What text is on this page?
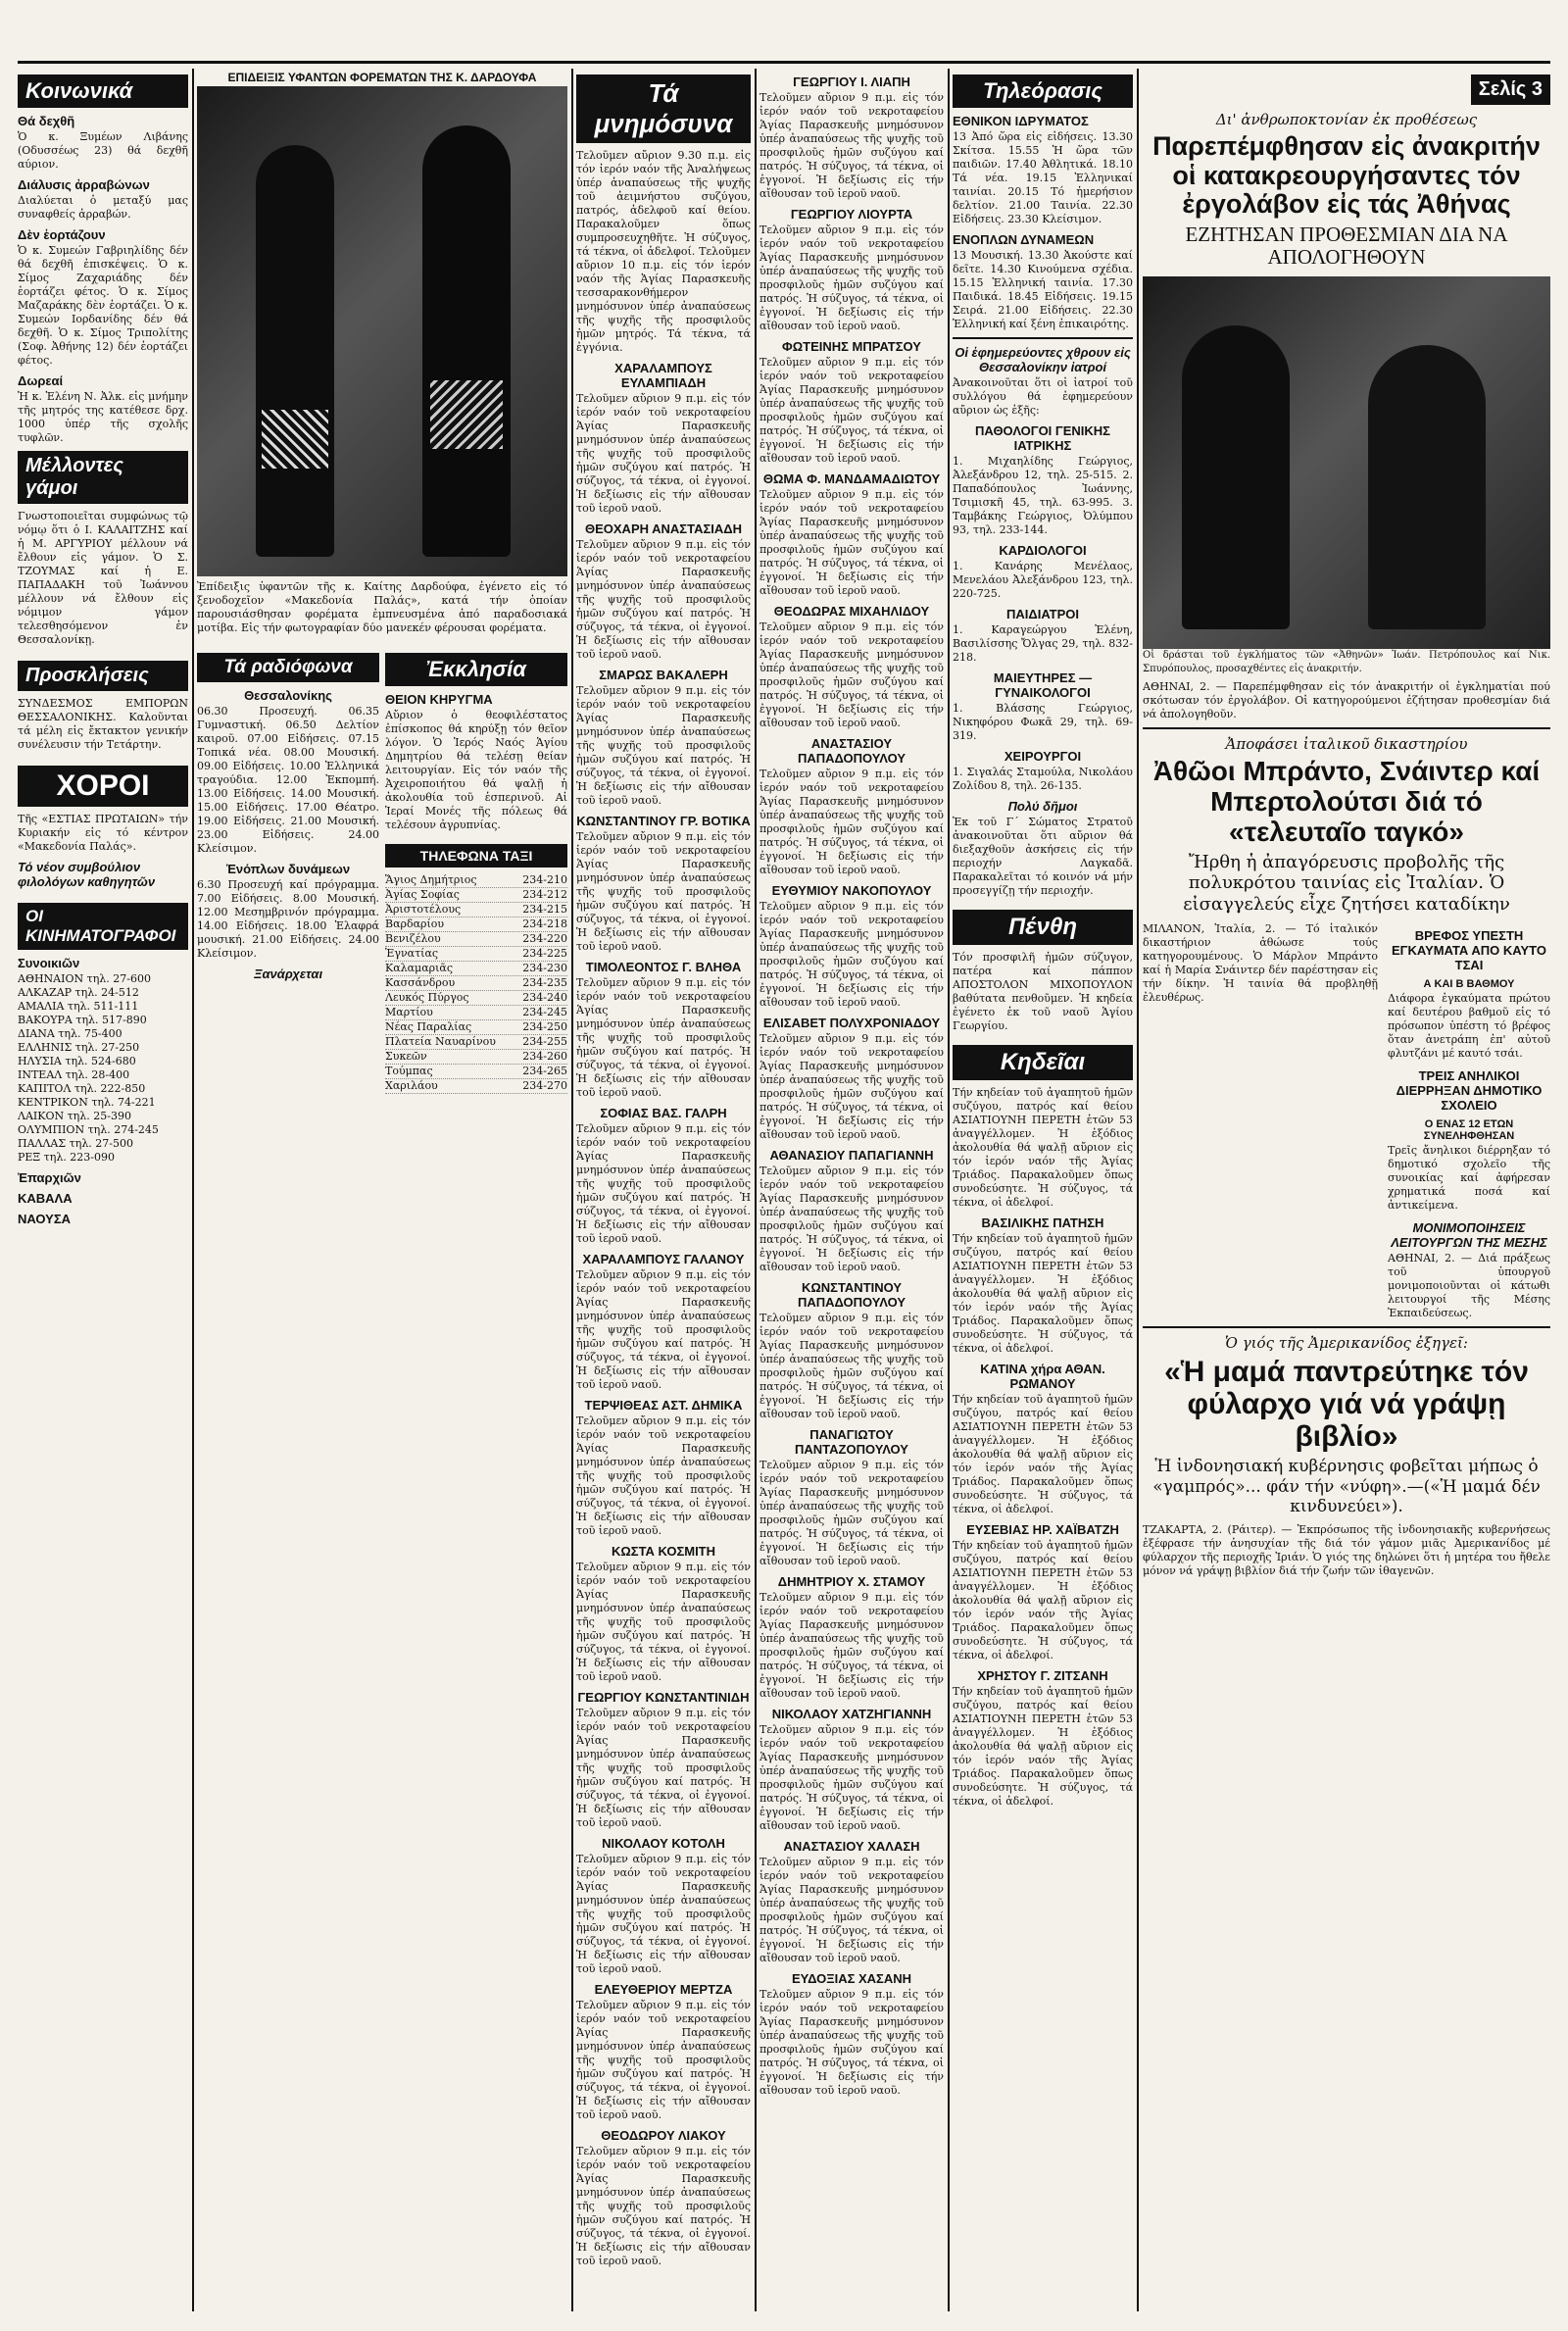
Κοινωνικά
Θά δεχθῆ
Ὁ κ. Ξυμέων Λιβάνης (Οδυσσέως 23) θά δεχθῆ αύριον.
Διάλυσις ἀρραβώνων
Διαλύεται ὁ μεταξύ μας συναφθείς ἀρραβών.
Δὲν ἑορτάζουν
Ὁ κ. Συμεών Γαβριηλίδης δέν θά δεχθῆ ἐπισκέψεις. Ὁ κ. Σίμος Ζαχαριάδης δέν ἑορτάζει φέτος. Ὁ κ. Σίμος Μαζαράκης δὲν ἑορτάζει. Ὁ κ. Συμεών Ιορδανίδης δέν θά δεχθῆ. Ὁ κ. Σίμος Τριπολίτης (Σοφ. Ἀθήνης 12) δέν ἑορτάζει φέτος.
Δωρεαί
Ἡ κ. Ἑλένη Ν. Ἀλκ. εἰς μνήμην τῆς μητρός της κατέθεσε δρχ. 1000 ὑπέρ τῆς σχολῆς τυφλῶν.
Μέλλοντες γάμοι
Γνωστοποιεῖται συμφώνως τῷ νόμῳ ὅτι ὁ Ι. ΚΑΛΑΙΤΖΗΣ καί ἡ Μ. ΑΡΓΥΡΙΟΥ μέλλουν νά ἔλθουν εἰς γάμον. Ὁ Σ. ΤΖΟΥΜΑΣ καί ἡ Ε. ΠΑΠΑΔΑΚΗ τοῦ Ἰωάννου μέλλουν νά ἔλθουν εἰς νόμιμον γάμον τελεσθησόμενον ἐν Θεσσαλονίκῃ.
Προσκλήσεις
ΣΥΝΔΕΣΜΟΣ ΕΜΠΟΡΩΝ ΘΕΣΣΑΛΟΝΙΚΗΣ. Καλοῦνται τά μέλη εἰς ἔκτακτον γενικήν συνέλευσιν τήν Τετάρτην.
ΧΟΡΟΙ
Τῆς «ΕΣΤΙΑΣ ΠΡΩΤΑΙΩΝ» τήν Κυριακήν εἰς τό κέντρον «Μακεδονία Παλάς».
Τό νέον συμβούλιον φιλολόγων καθηγητῶν
ΟΙ ΚΙΝΗΜΑΤΟΓΡΑΦΟΙ
Συνοικιῶν
ΑΘΗΝΑΙΟΝ τηλ. 27-600
ΑΛΚΑΖΑΡ τηλ. 24-512
ΑΜΑΛΙΑ τηλ. 511-111
ΒΑΚΟΥΡΑ τηλ. 517-890
ΔΙΑΝΑ τηλ. 75-400
ΕΛΛΗΝΙΣ τηλ. 27-250
ΗΛΥΣΙΑ τηλ. 524-680
ΙΝΤΕΑΛ τηλ. 28-400
ΚΑΠΙΤΟΛ τηλ. 222-850
ΚΕΝΤΡΙΚΟΝ τηλ. 74-221
ΛΑΙΚΟΝ τηλ. 25-390
ΟΛΥΜΠΙΟΝ τηλ. 274-245
ΠΑΛΛΑΣ τηλ. 27-500
ΡΕΞ τηλ. 223-090
Ἐπαρχιῶν
ΚΑΒΑΛΑ
ΝΑΟΥΣΑ
ΕΠΙΔΕΙΞΙΣ ΥΦΑΝΤΩΝ ΦΟΡΕΜΑΤΩΝ ΤΗΣ Κ. ΔΑΡΔΟΥΦΑ
Ἐπίδειξις ὑφαντῶν τῆς κ. Καίτης Δαρδούφα, ἐγένετο εἰς τό ξενοδοχεῖον «Μακεδονία Παλάς», κατά τήν ὁποίαν παρουσιάσθησαν φορέματα ἐμπνευσμένα ἀπό παραδοσιακά μοτίβα. Εἰς τήν φωτογραφίαν δύο μανεκέν φέρουσαι φορέματα.
Τά ραδιόφωνα
Θεσσαλονίκης
06.30 Προσευχή. 06.35 Γυμναστική. 06.50 Δελτίον καιροῦ. 07.00 Εἰδήσεις. 07.15 Τοπικά νέα. 08.00 Μουσική. 09.00 Εἰδήσεις. 10.00 Ἑλληνικά τραγούδια. 12.00 Ἐκπομπή. 13.00 Εἰδήσεις. 14.00 Μουσική. 15.00 Εἰδήσεις. 17.00 Θέατρο. 19.00 Εἰδήσεις. 21.00 Μουσική. 23.00 Εἰδήσεις. 24.00 Κλείσιμον.
Ἐνόπλων δυνάμεων
6.30 Προσευχή καί πρόγραμμα. 7.00 Εἰδήσεις. 8.00 Μουσική. 12.00 Μεσημβρινόν πρόγραμμα. 14.00 Εἰδήσεις. 18.00 Ἑλαφρά μουσική. 21.00 Εἰδήσεις. 24.00 Κλείσιμον.
Ξανάρχεται
Ἐκκλησία
ΘΕΙΟΝ ΚΗΡΥΓΜΑ
Αὔριον ὁ θεοφιλέστατος ἐπίσκοπος θά κηρύξῃ τόν θεῖον λόγον. Ὁ Ἱερός Ναός Ἁγίου Δημητρίου θά τελέσῃ θείαν λειτουργίαν. Εἰς τόν ναόν τῆς Ἀχειροποιήτου θά ψαλῇ ἡ ἀκολουθία τοῦ ἑσπερινοῦ. Αἱ Ἱεραί Μονές τῆς πόλεως θά τελέσουν ἀγρυπνίας.
ΤΗΛΕΦΩΝΑ ΤΑΞΙ
Ἅγιος Δημήτριος	234-210
Ἀγίας Σοφίας	234-212
Ἀριστοτέλους	234-215
Βαρδαρίου	234-218
Βενιζέλου	234-220
Ἐγνατίας	234-225
Καλαμαριᾶς	234-230
Κασσάνδρου	234-235
Λευκός Πύργος	234-240
Μαρτίου	234-245
Νέας Παραλίας	234-250
Πλατεία Ναυαρίνου 234-255
Συκεῶν	234-260
Τούμπας	234-265
Χαριλάου	234-270
Τά μνημόσυνα
Τελοῦμεν αὔριον 9.30 π.μ. εἰς τόν ἱερόν ναόν τῆς Ἀναλήψεως ὑπέρ ἀναπαύσεως τῆς ψυχῆς τοῦ ἀειμνήστου συζύγου, πατρός, ἀδελφοῦ καί θείου. Παρακαλοῦμεν ὅπως συμπροσευχηθῆτε. Ἡ σύζυγος, τά τέκνα, οἱ ἀδελφοί. Τελοῦμεν αὔριον 10 π.μ. εἰς τόν ἱερόν ναόν τῆς Ἁγίας Παρασκευῆς τεσσαρακονθήμερον μνημόσυνον ὑπέρ ἀναπαύσεως τῆς ψυχῆς τῆς προσφιλοῦς ἡμῶν μητρός. Τά τέκνα, τά ἐγγόνια.
ΧΑΡΑΛΑΜΠΟΥΣ ΕΥΛΑΜΠΙΑΔΗ
Τελοῦμεν αὔριον 9 π.μ. εἰς τόν ἱερόν ναόν τοῦ νεκροταφείου Ἁγίας Παρασκευῆς μνημόσυνον ὑπέρ ἀναπαύσεως τῆς ψυχῆς τοῦ προσφιλοῦς ἡμῶν συζύγου καί πατρός. Ἡ σύζυγος, τά τέκνα, οἱ ἐγγονοί. Ἡ δεξίωσις εἰς τήν αἴθουσαν τοῦ ἱεροῦ ναοῦ.
ΘΕΟΧΑΡΗ ΑΝΑΣΤΑΣΙΑΔΗ
Τελοῦμεν αὔριον 9 π.μ. εἰς τόν ἱερόν ναόν τοῦ νεκροταφείου Ἁγίας Παρασκευῆς μνημόσυνον ὑπέρ ἀναπαύσεως τῆς ψυχῆς τοῦ προσφιλοῦς ἡμῶν συζύγου καί πατρός. Ἡ σύζυγος, τά τέκνα, οἱ ἐγγονοί. Ἡ δεξίωσις εἰς τήν αἴθουσαν τοῦ ἱεροῦ ναοῦ.
ΣΜΑΡΩΣ ΒΑΚΑΛΕΡΗ
Τελοῦμεν αὔριον 9 π.μ. εἰς τόν ἱερόν ναόν τοῦ νεκροταφείου Ἁγίας Παρασκευῆς μνημόσυνον ὑπέρ ἀναπαύσεως τῆς ψυχῆς τοῦ προσφιλοῦς ἡμῶν συζύγου καί πατρός. Ἡ σύζυγος, τά τέκνα, οἱ ἐγγονοί. Ἡ δεξίωσις εἰς τήν αἴθουσαν τοῦ ἱεροῦ ναοῦ.
ΚΩΝΣΤΑΝΤΙΝΟΥ ΓΡ. ΒΟΤΙΚΑ
Τελοῦμεν αὔριον 9 π.μ. εἰς τόν ἱερόν ναόν τοῦ νεκροταφείου Ἁγίας Παρασκευῆς μνημόσυνον ὑπέρ ἀναπαύσεως τῆς ψυχῆς τοῦ προσφιλοῦς ἡμῶν συζύγου καί πατρός. Ἡ σύζυγος, τά τέκνα, οἱ ἐγγονοί. Ἡ δεξίωσις εἰς τήν αἴθουσαν τοῦ ἱεροῦ ναοῦ.
ΤΙΜΟΛΕΟΝΤΟΣ Γ. ΒΛΗΘΑ
Τελοῦμεν αὔριον 9 π.μ. εἰς τόν ἱερόν ναόν τοῦ νεκροταφείου Ἁγίας Παρασκευῆς μνημόσυνον ὑπέρ ἀναπαύσεως τῆς ψυχῆς τοῦ προσφιλοῦς ἡμῶν συζύγου καί πατρός. Ἡ σύζυγος, τά τέκνα, οἱ ἐγγονοί. Ἡ δεξίωσις εἰς τήν αἴθουσαν τοῦ ἱεροῦ ναοῦ.
ΣΟΦΙΑΣ ΒΑΣ. ΓΑΛΡΗ
Τελοῦμεν αὔριον 9 π.μ. εἰς τόν ἱερόν ναόν τοῦ νεκροταφείου Ἁγίας Παρασκευῆς μνημόσυνον ὑπέρ ἀναπαύσεως τῆς ψυχῆς τοῦ προσφιλοῦς ἡμῶν συζύγου καί πατρός. Ἡ σύζυγος, τά τέκνα, οἱ ἐγγονοί. Ἡ δεξίωσις εἰς τήν αἴθουσαν τοῦ ἱεροῦ ναοῦ.
ΧΑΡΑΛΑΜΠΟΥΣ ΓΑΛΑΝΟΥ
Τελοῦμεν αὔριον 9 π.μ. εἰς τόν ἱερόν ναόν τοῦ νεκροταφείου Ἁγίας Παρασκευῆς μνημόσυνον ὑπέρ ἀναπαύσεως τῆς ψυχῆς τοῦ προσφιλοῦς ἡμῶν συζύγου καί πατρός. Ἡ σύζυγος, τά τέκνα, οἱ ἐγγονοί. Ἡ δεξίωσις εἰς τήν αἴθουσαν τοῦ ἱεροῦ ναοῦ.
ΤΕΡΨΙΘΕΑΣ ΑΣΤ. ΔΗΜΙΚΑ
Τελοῦμεν αὔριον 9 π.μ. εἰς τόν ἱερόν ναόν τοῦ νεκροταφείου Ἁγίας Παρασκευῆς μνημόσυνον ὑπέρ ἀναπαύσεως τῆς ψυχῆς τοῦ προσφιλοῦς ἡμῶν συζύγου καί πατρός. Ἡ σύζυγος, τά τέκνα, οἱ ἐγγονοί. Ἡ δεξίωσις εἰς τήν αἴθουσαν τοῦ ἱεροῦ ναοῦ.
ΚΩΣΤΑ ΚΟΣΜΙΤΗ
Τελοῦμεν αὔριον 9 π.μ. εἰς τόν ἱερόν ναόν τοῦ νεκροταφείου Ἁγίας Παρασκευῆς μνημόσυνον ὑπέρ ἀναπαύσεως τῆς ψυχῆς τοῦ προσφιλοῦς ἡμῶν συζύγου καί πατρός. Ἡ σύζυγος, τά τέκνα, οἱ ἐγγονοί. Ἡ δεξίωσις εἰς τήν αἴθουσαν τοῦ ἱεροῦ ναοῦ.
ΓΕΩΡΓΙΟΥ ΚΩΝΣΤΑΝΤΙΝΙΔΗ
Τελοῦμεν αὔριον 9 π.μ. εἰς τόν ἱερόν ναόν τοῦ νεκροταφείου Ἁγίας Παρασκευῆς μνημόσυνον ὑπέρ ἀναπαύσεως τῆς ψυχῆς τοῦ προσφιλοῦς ἡμῶν συζύγου καί πατρός. Ἡ σύζυγος, τά τέκνα, οἱ ἐγγονοί. Ἡ δεξίωσις εἰς τήν αἴθουσαν τοῦ ἱεροῦ ναοῦ.
ΝΙΚΟΛΑΟΥ ΚΟΤΟΛΗ
Τελοῦμεν αὔριον 9 π.μ. εἰς τόν ἱερόν ναόν τοῦ νεκροταφείου Ἁγίας Παρασκευῆς μνημόσυνον ὑπέρ ἀναπαύσεως τῆς ψυχῆς τοῦ προσφιλοῦς ἡμῶν συζύγου καί πατρός. Ἡ σύζυγος, τά τέκνα, οἱ ἐγγονοί. Ἡ δεξίωσις εἰς τήν αἴθουσαν τοῦ ἱεροῦ ναοῦ.
ΕΛΕΥΘΕΡΙΟΥ ΜΕΡΤΖΑ
Τελοῦμεν αὔριον 9 π.μ. εἰς τόν ἱερόν ναόν τοῦ νεκροταφείου Ἁγίας Παρασκευῆς μνημόσυνον ὑπέρ ἀναπαύσεως τῆς ψυχῆς τοῦ προσφιλοῦς ἡμῶν συζύγου καί πατρός. Ἡ σύζυγος, τά τέκνα, οἱ ἐγγονοί. Ἡ δεξίωσις εἰς τήν αἴθουσαν τοῦ ἱεροῦ ναοῦ.
ΘΕΟΔΩΡΟΥ ΛΙΑΚΟΥ
Τελοῦμεν αὔριον 9 π.μ. εἰς τόν ἱερόν ναόν τοῦ νεκροταφείου Ἁγίας Παρασκευῆς μνημόσυνον ὑπέρ ἀναπαύσεως τῆς ψυχῆς τοῦ προσφιλοῦς ἡμῶν συζύγου καί πατρός. Ἡ σύζυγος, τά τέκνα, οἱ ἐγγονοί. Ἡ δεξίωσις εἰς τήν αἴθουσαν τοῦ ἱεροῦ ναοῦ.
ΓΕΩΡΓΙΟΥ Ι. ΛΙΑΠΗ
Τελοῦμεν αὔριον 9 π.μ. εἰς τόν ἱερόν ναόν τοῦ νεκροταφείου Ἁγίας Παρασκευῆς μνημόσυνον ὑπέρ ἀναπαύσεως τῆς ψυχῆς τοῦ προσφιλοῦς ἡμῶν συζύγου καί πατρός. Ἡ σύζυγος, τά τέκνα, οἱ ἐγγονοί. Ἡ δεξίωσις εἰς τήν αἴθουσαν τοῦ ἱεροῦ ναοῦ.
ΓΕΩΡΓΙΟΥ ΛΙΟΥΡΤΑ
Τελοῦμεν αὔριον 9 π.μ. εἰς τόν ἱερόν ναόν τοῦ νεκροταφείου Ἁγίας Παρασκευῆς μνημόσυνον ὑπέρ ἀναπαύσεως τῆς ψυχῆς τοῦ προσφιλοῦς ἡμῶν συζύγου καί πατρός. Ἡ σύζυγος, τά τέκνα, οἱ ἐγγονοί. Ἡ δεξίωσις εἰς τήν αἴθουσαν τοῦ ἱεροῦ ναοῦ.
ΦΩΤΕΙΝΗΣ ΜΠΡΑΤΣΟΥ
Τελοῦμεν αὔριον 9 π.μ. εἰς τόν ἱερόν ναόν τοῦ νεκροταφείου Ἁγίας Παρασκευῆς μνημόσυνον ὑπέρ ἀναπαύσεως τῆς ψυχῆς τοῦ προσφιλοῦς ἡμῶν συζύγου καί πατρός. Ἡ σύζυγος, τά τέκνα, οἱ ἐγγονοί. Ἡ δεξίωσις εἰς τήν αἴθουσαν τοῦ ἱεροῦ ναοῦ.
ΘΩΜΑ Φ. ΜΑΝΔΑΜΑΔΙΩΤΟΥ
Τελοῦμεν αὔριον 9 π.μ. εἰς τόν ἱερόν ναόν τοῦ νεκροταφείου Ἁγίας Παρασκευῆς μνημόσυνον ὑπέρ ἀναπαύσεως τῆς ψυχῆς τοῦ προσφιλοῦς ἡμῶν συζύγου καί πατρός. Ἡ σύζυγος, τά τέκνα, οἱ ἐγγονοί. Ἡ δεξίωσις εἰς τήν αἴθουσαν τοῦ ἱεροῦ ναοῦ.
ΘΕΟΔΩΡΑΣ ΜΙΧΑΗΛΙΔΟΥ
Τελοῦμεν αὔριον 9 π.μ. εἰς τόν ἱερόν ναόν τοῦ νεκροταφείου Ἁγίας Παρασκευῆς μνημόσυνον ὑπέρ ἀναπαύσεως τῆς ψυχῆς τοῦ προσφιλοῦς ἡμῶν συζύγου καί πατρός. Ἡ σύζυγος, τά τέκνα, οἱ ἐγγονοί. Ἡ δεξίωσις εἰς τήν αἴθουσαν τοῦ ἱεροῦ ναοῦ.
ΑΝΑΣΤΑΣΙΟΥ ΠΑΠΑΔΟΠΟΥΛΟΥ
Τελοῦμεν αὔριον 9 π.μ. εἰς τόν ἱερόν ναόν τοῦ νεκροταφείου Ἁγίας Παρασκευῆς μνημόσυνον ὑπέρ ἀναπαύσεως τῆς ψυχῆς τοῦ προσφιλοῦς ἡμῶν συζύγου καί πατρός. Ἡ σύζυγος, τά τέκνα, οἱ ἐγγονοί. Ἡ δεξίωσις εἰς τήν αἴθουσαν τοῦ ἱεροῦ ναοῦ.
ΕΥΘΥΜΙΟΥ ΝΑΚΟΠΟΥΛΟΥ
Τελοῦμεν αὔριον 9 π.μ. εἰς τόν ἱερόν ναόν τοῦ νεκροταφείου Ἁγίας Παρασκευῆς μνημόσυνον ὑπέρ ἀναπαύσεως τῆς ψυχῆς τοῦ προσφιλοῦς ἡμῶν συζύγου καί πατρός. Ἡ σύζυγος, τά τέκνα, οἱ ἐγγονοί. Ἡ δεξίωσις εἰς τήν αἴθουσαν τοῦ ἱεροῦ ναοῦ.
ΕΛΙΣΑΒΕΤ ΠΟΛΥΧΡΟΝΙΑΔΟΥ
Τελοῦμεν αὔριον 9 π.μ. εἰς τόν ἱερόν ναόν τοῦ νεκροταφείου Ἁγίας Παρασκευῆς μνημόσυνον ὑπέρ ἀναπαύσεως τῆς ψυχῆς τοῦ προσφιλοῦς ἡμῶν συζύγου καί πατρός. Ἡ σύζυγος, τά τέκνα, οἱ ἐγγονοί. Ἡ δεξίωσις εἰς τήν αἴθουσαν τοῦ ἱεροῦ ναοῦ.
ΑΘΑΝΑΣΙΟΥ ΠΑΠΑΓΙΑΝΝΗ
Τελοῦμεν αὔριον 9 π.μ. εἰς τόν ἱερόν ναόν τοῦ νεκροταφείου Ἁγίας Παρασκευῆς μνημόσυνον ὑπέρ ἀναπαύσεως τῆς ψυχῆς τοῦ προσφιλοῦς ἡμῶν συζύγου καί πατρός. Ἡ σύζυγος, τά τέκνα, οἱ ἐγγονοί. Ἡ δεξίωσις εἰς τήν αἴθουσαν τοῦ ἱεροῦ ναοῦ.
ΚΩΝΣΤΑΝΤΙΝΟΥ ΠΑΠΑΔΟΠΟΥΛΟΥ
Τελοῦμεν αὔριον 9 π.μ. εἰς τόν ἱερόν ναόν τοῦ νεκροταφείου Ἁγίας Παρασκευῆς μνημόσυνον ὑπέρ ἀναπαύσεως τῆς ψυχῆς τοῦ προσφιλοῦς ἡμῶν συζύγου καί πατρός. Ἡ σύζυγος, τά τέκνα, οἱ ἐγγονοί. Ἡ δεξίωσις εἰς τήν αἴθουσαν τοῦ ἱεροῦ ναοῦ.
ΠΑΝΑΓΙΩΤΟΥ ΠΑΝΤΑΖΟΠΟΥΛΟΥ
Τελοῦμεν αὔριον 9 π.μ. εἰς τόν ἱερόν ναόν τοῦ νεκροταφείου Ἁγίας Παρασκευῆς μνημόσυνον ὑπέρ ἀναπαύσεως τῆς ψυχῆς τοῦ προσφιλοῦς ἡμῶν συζύγου καί πατρός. Ἡ σύζυγος, τά τέκνα, οἱ ἐγγονοί. Ἡ δεξίωσις εἰς τήν αἴθουσαν τοῦ ἱεροῦ ναοῦ.
ΔΗΜΗΤΡΙΟΥ Χ. ΣΤΑΜΟΥ
Τελοῦμεν αὔριον 9 π.μ. εἰς τόν ἱερόν ναόν τοῦ νεκροταφείου Ἁγίας Παρασκευῆς μνημόσυνον ὑπέρ ἀναπαύσεως τῆς ψυχῆς τοῦ προσφιλοῦς ἡμῶν συζύγου καί πατρός. Ἡ σύζυγος, τά τέκνα, οἱ ἐγγονοί. Ἡ δεξίωσις εἰς τήν αἴθουσαν τοῦ ἱεροῦ ναοῦ.
ΝΙΚΟΛΑΟΥ ΧΑΤΖΗΓΙΑΝΝΗ
Τελοῦμεν αὔριον 9 π.μ. εἰς τόν ἱερόν ναόν τοῦ νεκροταφείου Ἁγίας Παρασκευῆς μνημόσυνον ὑπέρ ἀναπαύσεως τῆς ψυχῆς τοῦ προσφιλοῦς ἡμῶν συζύγου καί πατρός. Ἡ σύζυγος, τά τέκνα, οἱ ἐγγονοί. Ἡ δεξίωσις εἰς τήν αἴθουσαν τοῦ ἱεροῦ ναοῦ.
ΑΝΑΣΤΑΣΙΟΥ ΧΑΛΑΣΗ
Τελοῦμεν αὔριον 9 π.μ. εἰς τόν ἱερόν ναόν τοῦ νεκροταφείου Ἁγίας Παρασκευῆς μνημόσυνον ὑπέρ ἀναπαύσεως τῆς ψυχῆς τοῦ προσφιλοῦς ἡμῶν συζύγου καί πατρός. Ἡ σύζυγος, τά τέκνα, οἱ ἐγγονοί. Ἡ δεξίωσις εἰς τήν αἴθουσαν τοῦ ἱεροῦ ναοῦ.
ΕΥΔΟΞΙΑΣ ΧΑΣΑΝΗ
Τελοῦμεν αὔριον 9 π.μ. εἰς τόν ἱερόν ναόν τοῦ νεκροταφείου Ἁγίας Παρασκευῆς μνημόσυνον ὑπέρ ἀναπαύσεως τῆς ψυχῆς τοῦ προσφιλοῦς ἡμῶν συζύγου καί πατρός. Ἡ σύζυγος, τά τέκνα, οἱ ἐγγονοί. Ἡ δεξίωσις εἰς τήν αἴθουσαν τοῦ ἱεροῦ ναοῦ.
Τηλεόρασις
ΕΘΝΙΚΟΝ ΙΔΡΥΜΑΤΟΣ
13 Ἀπό ὥρα εἰς εἰδήσεις. 13.30 Σκίτσα. 15.55 Ἡ ὥρα τῶν παιδιῶν. 17.40 Ἀθλητικά. 18.10 Τά νέα. 19.15 Ἐλληνικαί ταινίαι. 20.15 Τό ἡμερήσιον δελτίον. 21.00 Ταινία. 22.30 Εἰδήσεις. 23.30 Κλείσιμον.
ΕΝΟΠΛΩΝ ΔΥΝΑΜΕΩΝ
13 Μουσική. 13.30 Ἀκούστε καί δεῖτε. 14.30 Κινούμενα σχέδια. 15.15 Ἑλληνική ταινία. 17.30 Παιδικά. 18.45 Εἰδήσεις. 19.15 Σειρά. 21.00 Εἰδήσεις. 22.30 Ἑλληνική καί ξένη ἐπικαιρότης.
Οἱ ἐφημερεύοντες χθρουν εἰς Θεσσαλονίκην ἰατροί
Ἀνακοινοῦται ὅτι οἱ ἰατροί τοῦ συλλόγου θά ἐφημερεύουν αὔριον ὡς ἑξῆς:
ΠΑΘΟΛΟΓΟΙ ΓΕΝΙΚΗΣ ΙΑΤΡΙΚΗΣ
1. Μιχαηλίδης Γεώργιος, Ἀλεξάνδρου 12, τηλ. 25-515. 2. Παπαδόπουλος Ἰωάννης, Τσιμισκῆ 45, τηλ. 63-995. 3. Ταμβάκης Γεώργιος, Ὀλύμπου 93, τηλ. 233-144.
ΚΑΡΔΙΟΛΟΓΟΙ
1. Κανάρης Μενέλαος, Μενελάου Ἀλεξάνδρου 123, τηλ. 220-725.
ΠΑΙΔΙΑΤΡΟΙ
1. Καραγεώργου Ἑλένη, Βασιλίσσης Ὄλγας 29, τηλ. 832-218.
ΜΑΙΕΥΤΗΡΕΣ — ΓΥΝΑΙΚΟΛΟΓΟΙ
1. Βλάσσης Γεώργιος, Νικηφόρου Φωκᾶ 29, τηλ. 69-319.
ΧΕΙΡΟΥΡΓΟΙ
1. Σιγαλάς Σταμούλα, Νικολάου Ζολίδου 8, τηλ. 26-135.
Πολύ δῆμοι
Ἐκ τοῦ Γ΄ Σώματος Στρατοῦ ἀνακοινοῦται ὅτι αὔριον θά διεξαχθοῦν ἀσκήσεις εἰς τήν περιοχήν Λαγκαδᾶ. Παρακαλεῖται τό κοινόν νά μήν προσεγγίζῃ τήν περιοχήν.
Πένθη
Τόν προσφιλῆ ἡμῶν σύζυγον, πατέρα καί πάππον ΑΠΟΣΤΟΛΟΝ ΜΙΧΟΠΟΥΛΟΝ βαθύτατα πενθοῦμεν. Ἡ κηδεία ἐγένετο ἐκ τοῦ ναοῦ Ἁγίου Γεωργίου.
Κηδεῖαι
Τήν κηδείαν τοῦ ἀγαπητοῦ ἡμῶν συζύγου, πατρός καί θείου ΑΣΙΑΤΙΟΥΝΗ ΠΕΡΕΤΗ ἐτῶν 53 ἀναγγέλλομεν. Ἡ ἐξόδιος ἀκολουθία θά ψαλῇ αὔριον εἰς τόν ἱερόν ναόν τῆς Ἁγίας Τριάδος. Παρακαλοῦμεν ὅπως συνοδεύσητε. Ἡ σύζυγος, τά τέκνα, οἱ ἀδελφοί.
ΒΑΣΙΛΙΚΗΣ ΠΑΤΗΣΗ
Τήν κηδείαν τοῦ ἀγαπητοῦ ἡμῶν συζύγου, πατρός καί θείου ΑΣΙΑΤΙΟΥΝΗ ΠΕΡΕΤΗ ἐτῶν 53 ἀναγγέλλομεν. Ἡ ἐξόδιος ἀκολουθία θά ψαλῇ αὔριον εἰς τόν ἱερόν ναόν τῆς Ἁγίας Τριάδος. Παρακαλοῦμεν ὅπως συνοδεύσητε. Ἡ σύζυγος, τά τέκνα, οἱ ἀδελφοί.
ΚΑΤΙΝΑ χήρα ΑΘΑΝ. ΡΩΜΑΝΟΥ
Τήν κηδείαν τοῦ ἀγαπητοῦ ἡμῶν συζύγου, πατρός καί θείου ΑΣΙΑΤΙΟΥΝΗ ΠΕΡΕΤΗ ἐτῶν 53 ἀναγγέλλομεν. Ἡ ἐξόδιος ἀκολουθία θά ψαλῇ αὔριον εἰς τόν ἱερόν ναόν τῆς Ἁγίας Τριάδος. Παρακαλοῦμεν ὅπως συνοδεύσητε. Ἡ σύζυγος, τά τέκνα, οἱ ἀδελφοί.
ΕΥΣΕΒΙΑΣ ΗΡ. ΧΑΪΒΑΤΖΗ
Τήν κηδείαν τοῦ ἀγαπητοῦ ἡμῶν συζύγου, πατρός καί θείου ΑΣΙΑΤΙΟΥΝΗ ΠΕΡΕΤΗ ἐτῶν 53 ἀναγγέλλομεν. Ἡ ἐξόδιος ἀκολουθία θά ψαλῇ αὔριον εἰς τόν ἱερόν ναόν τῆς Ἁγίας Τριάδος. Παρακαλοῦμεν ὅπως συνοδεύσητε. Ἡ σύζυγος, τά τέκνα, οἱ ἀδελφοί.
ΧΡΗΣΤΟΥ Γ. ΖΙΤΣΑΝΗ
Τήν κηδείαν τοῦ ἀγαπητοῦ ἡμῶν συζύγου, πατρός καί θείου ΑΣΙΑΤΙΟΥΝΗ ΠΕΡΕΤΗ ἐτῶν 53 ἀναγγέλλομεν. Ἡ ἐξόδιος ἀκολουθία θά ψαλῇ αὔριον εἰς τόν ἱερόν ναόν τῆς Ἁγίας Τριάδος. Παρακαλοῦμεν ὅπως συνοδεύσητε. Ἡ σύζυγος, τά τέκνα, οἱ ἀδελφοί.
Σελίς 3
Δι' ἀνθρωποκτονίαν ἐκ προθέσεως
Παρεπέμφθησαν εἰς ἀνακριτήν οἱ κατακρεουργήσαντες τόν ἐργολάβον εἰς τάς Ἀθήνας
ΕΖΗΤΗΣΑΝ ΠΡΟΘΕΣΜΙΑΝ ΔΙΑ ΝΑ ΑΠΟΛΟΓΗΘΟΥΝ
Οἱ δράσται τοῦ ἐγκλήματος τῶν «Ἀθηνῶν» Ἰωάν. Πετρόπουλος καί Νικ. Σπυρόπουλος, προσαχθέντες εἰς ἀνακριτήν.
ΑΘΗΝΑΙ, 2. — Παρεπέμφθησαν εἰς τόν ἀνακριτήν οἱ ἐγκληματίαι πού σκότωσαν τόν ἐργολάβον. Οἱ κατηγορούμενοι ἐζήτησαν προθεσμίαν διά νά ἀπολογηθοῦν.
Ἀποφάσει ἰταλικοῦ δικαστηρίου
Ἀθῶοι Μπράντο, Σνάιντερ καί Μπερτολούτσι διά τό «τελευταῖο ταγκό»
Ἤρθη ἡ ἀπαγόρευσις προβολῆς τῆς πολυκρότου ταινίας εἰς Ἰταλίαν. Ὁ εἰσαγγελεύς εἶχε ζητήσει καταδίκην
ΜΙΛΑΝΟΝ, Ἰταλία, 2. — Τό ἰταλικόν δικαστήριον ἀθώωσε τούς κατηγορουμένους. Ὁ Μάρλον Μπράντο καί ἡ Μαρία Σνάιντερ δέν παρέστησαν εἰς τήν δίκην. Ἡ ταινία θά προβληθῇ ἐλευθέρως.
ΒΡΕΦΟΣ ΥΠΕΣΤΗ ΕΓΚΑΥΜΑΤΑ ΑΠΟ ΚΑΥΤΟ ΤΣΑΙ
Α ΚΑΙ Β ΒΑΘΜΟΥ
Διάφορα ἐγκαύματα πρώτου καί δευτέρου βαθμοῦ εἰς τό πρόσωπον ὑπέστη τό βρέφος ὅταν ἀνετράπη ἐπ' αὐτοῦ φλυτζάνι μέ καυτό τσάι.
ΤΡΕΙΣ ΑΝΗΛΙΚΟΙ ΔΙΕΡΡΗΞΑΝ ΔΗΜΟΤΙΚΟ ΣΧΟΛΕΙΟ
Ο ΕΝΑΣ 12 ΕΤΩΝ ΣΥΝΕΛΗΦΘΗΣΑΝ
Τρεῖς ἄνηλικοι διέρρηξαν τό δημοτικό σχολεῖο τῆς συνοικίας καί ἀφήρεσαν χρηματικά ποσά καί ἀντικείμενα.
ΜΟΝΙΜΟΠΟΙΗΣΕΙΣ ΛΕΙΤΟΥΡΓΩΝ ΤΗΣ ΜΕΣΗΣ
ΑΘΗΝΑΙ, 2. — Διά πράξεως τοῦ ὑπουργοῦ μονιμοποιοῦνται οἱ κάτωθι λειτουργοί τῆς Μέσης Ἐκπαιδεύσεως.
Ὁ γιός τῆς Ἀμερικανίδος ἐξηγεῖ:
«Ἡ μαμά παντρεύτηκε τόν φύλαρχο γιά νά γράψῃ βιβλίο»
Ἡ ἰνδονησιακή κυβέρνησις φοβεῖται μήπως ὁ «γαμπρός»... φάν τήν «νύφη».—(«Ἡ μαμά δέν κινδυνεύει»).
ΤΖΑΚΑΡΤΑ, 2. (Ράιτερ). — Ἐκπρόσωπος τῆς ἰνδονησιακῆς κυβερνήσεως ἐξέφρασε τήν ἀνησυχίαν τῆς διά τόν γάμον μιᾶς Ἀμερικανίδος μέ φύλαρχον τῆς περιοχῆς Ἰριάν. Ὁ γιός της δηλώνει ὅτι ἡ μητέρα του ἤθελε μόνον νά γράψῃ βιβλίον διά τήν ζωήν τῶν ἰθαγενῶν.
